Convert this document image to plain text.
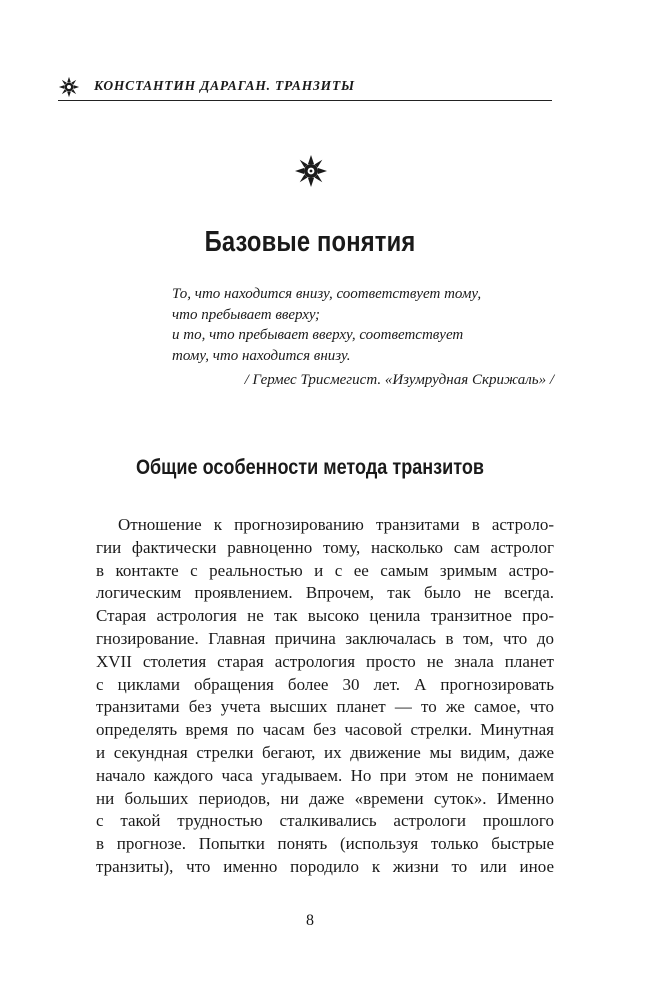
КОНСТАНТИН ДАРАГАН. ТРАНЗИТЫ
Базовые понятия
То, что находится внизу, соответствует тому,
что пребывает вверху;
и то, что пребывает вверху, соответствует
тому, что находится внизу.
/ Гермес Трисмегист. «Изумрудная Скрижаль» /
Общие особенности метода транзитов
Отношение к прогнозированию транзитами в астроло-
гии фактически равноценно тому, насколько сам астролог
в контакте с реальностью и с ее самым зримым астро-
логическим проявлением. Впрочем, так было не всегда.
Старая астрология не так высоко ценила транзитное про-
гнозирование. Главная причина заключалась в том, что до
XVII столетия старая астрология просто не знала планет
с циклами обращения более 30 лет. А прогнозировать
транзитами без учета высших планет — то же самое, что
определять время по часам без часовой стрелки. Минутная
и секундная стрелки бегают, их движение мы видим, даже
начало каждого часа угадываем. Но при этом не понимаем
ни больших периодов, ни даже «времени суток». Именно
с такой трудностью сталкивались астрологи прошлого
в прогнозе. Попытки понять (используя только быстрые
транзиты), что именно породило к жизни то или иное
8
